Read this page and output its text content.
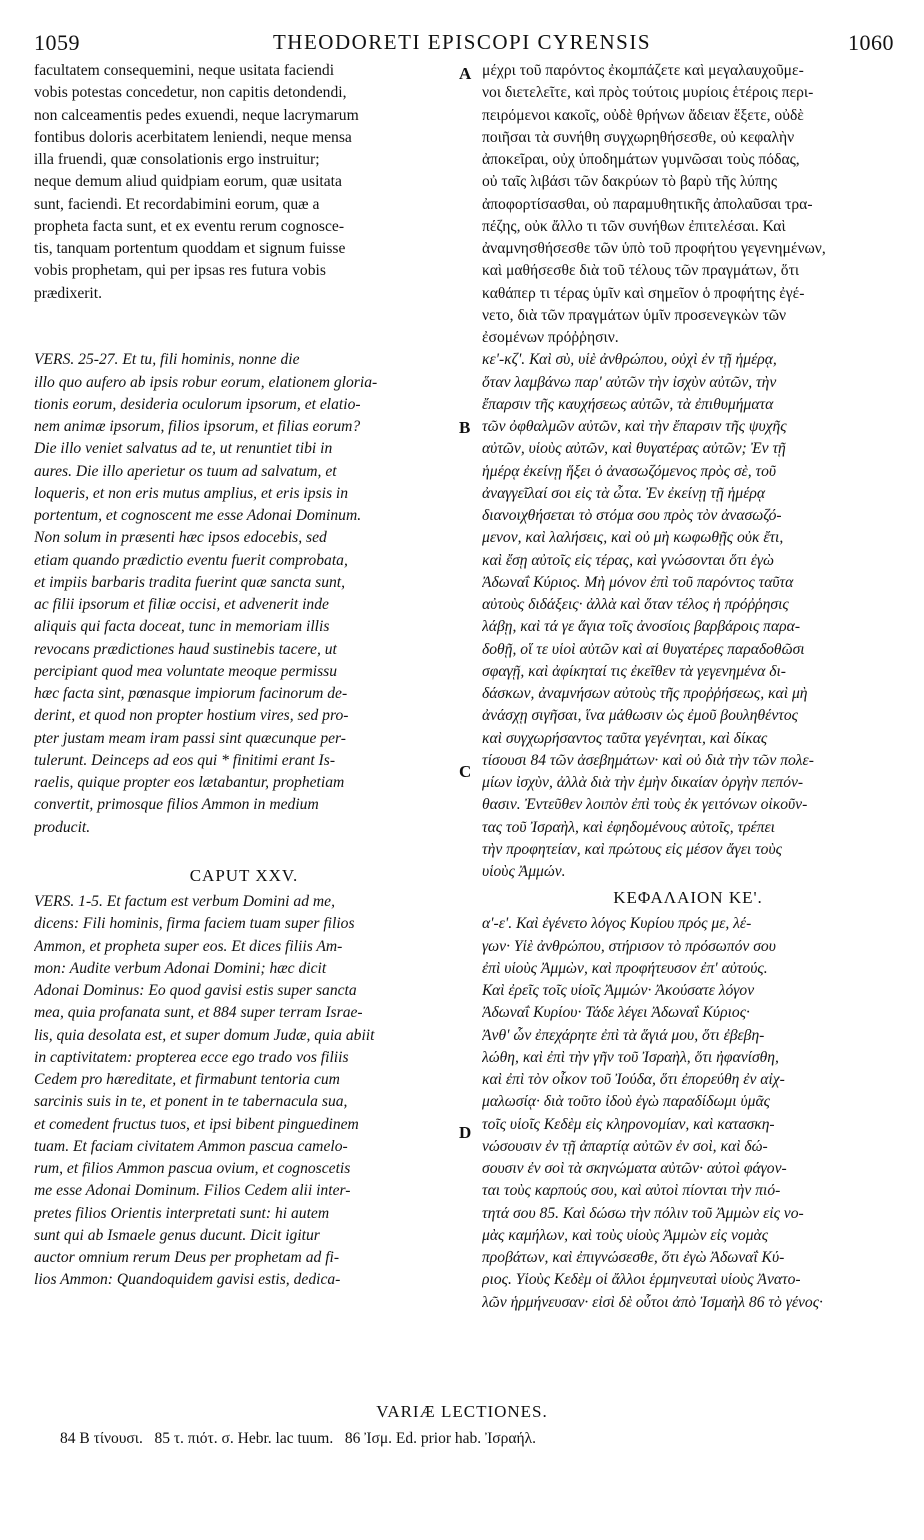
1059	THEODORETI EPISCOPI CYRENSIS	1060
A
B
C
D
facultatem consequemini, neque usitata faciendi
vobis potestas concedetur, non capitis detondendi,
non calceamentis pedes exuendi, neque lacrymarum
fontibus doloris acerbitatem leniendi, neque mensa
illa fruendi, quæ consolationis ergo instruitur;
neque demum aliud quidpiam eorum, quæ usitata
sunt, faciendi. Et recordabimini eorum, quæ a
propheta facta sunt, et ex eventu rerum cognosce-
tis, tanquam portentum quoddam et signum fuisse
vobis prophetam, qui per ipsas res futura vobis
prædixerit.
VERS. 25-27. Et tu, fili hominis, nonne die
illo quo aufero ab ipsis robur eorum, elationem gloria-
tionis eorum, desideria oculorum ipsorum, et elatio-
nem animæ ipsorum, filios ipsorum, et filias eorum?
Die illo veniet salvatus ad te, ut renuntiet tibi in
aures. Die illo aperietur os tuum ad salvatum, et
loqueris, et non eris mutus amplius, et eris ipsis in
portentum, et cognoscent me esse Adonai Dominum.
Non solum in præsenti hæc ipsos edocebis, sed
etiam quando prædictio eventu fuerit comprobata,
et impiis barbaris tradita fuerint quæ sancta sunt,
ac filii ipsorum et filiæ occisi, et advenerit inde
aliquis qui facta doceat, tunc in memoriam illis
revocans prædictiones haud sustinebis tacere, ut
percipiant quod mea voluntate meoque permissu
hæc facta sint, pœnasque impiorum facinorum de-
derint, et quod non propter hostium vires, sed pro-
pter justam meam iram passi sint quæcunque per-
tulerunt. Deinceps ad eos qui * finitimi erant Is-
raelis, quique propter eos lætabantur, prophetiam
convertit, primosque filios Ammon in medium
producit.
CAPUT XXV.
VERS. 1-5. Et factum est verbum Domini ad me,
dicens: Fili hominis, firma faciem tuam super filios
Ammon, et propheta super eos. Et dices filiis Am-
mon: Audite verbum Adonai Domini; hæc dicit
Adonai Dominus: Eo quod gavisi estis super sancta
mea, quia profanata sunt, et 884 super terram Israe-
lis, quia desolata est, et super domum Judæ, quia abiit
in captivitatem: propterea ecce ego trado vos filiis
Cedem pro hæreditate, et firmabunt tentoria cum
sarcinis suis in te, et ponent in te tabernacula sua,
et comedent fructus tuos, et ipsi bibent pinguedinem
tuam. Et faciam civitatem Ammon pascua camelo-
rum, et filios Ammon pascua ovium, et cognoscetis
me esse Adonai Dominum. Filios Cedem alii inter-
pretes filios Orientis interpretati sunt: hi autem
sunt qui ab Ismaele genus ducunt. Dicit igitur
auctor omnium rerum Deus per prophetam ad fi-
lios Ammon: Quandoquidem gavisi estis, dedica-
μέχρι τοῦ παρόντος ἐκομπάζετε καὶ μεγαλαυχοῦμε-
νοι διετελεῖτε, καὶ πρὸς τούτοις μυρίοις ἑτέροις περι-
πειρόμενοι κακοῖς, οὐδὲ θρήνων ἄδειαν ἕξετε, οὐδὲ
ποιῆσαι τὰ συνήθη συγχωρηθήσεσθε, οὐ κεφαλὴν
ἀποκεῖραι, οὐχ ὑποδημάτων γυμνῶσαι τοὺς πόδας,
οὐ ταῖς λιβάσι τῶν δακρύων τὸ βαρὺ τῆς λύπης
ἀποφορτίσασθαι, οὐ παραμυθητικῆς ἀπολαῦσαι τρα-
πέζης, οὐκ ἄλλο τι τῶν συνήθων ἐπιτελέσαι. Καὶ
ἀναμνησθήσεσθε τῶν ὑπὸ τοῦ προφήτου γεγενημένων,
καὶ μαθήσεσθε διὰ τοῦ τέλους τῶν πραγμάτων, ὅτι
καθάπερ τι τέρας ὑμῖν καὶ σημεῖον ὁ προφήτης ἐγέ-
νετο, διὰ τῶν πραγμάτων ὑμῖν προσενεγκὼν τῶν
ἐσομένων πρόῤῥησιν.
κε'-κζ'. Καὶ σὺ, υἱὲ ἀνθρώπου, οὐχὶ ἐν τῇ ἡμέρᾳ,
ὅταν λαμβάνω παρ' αὐτῶν τὴν ἰσχὺν αὐτῶν, τὴν
ἔπαρσιν τῆς καυχήσεως αὐτῶν, τὰ ἐπιθυμήματα
τῶν ὀφθαλμῶν αὐτῶν, καὶ τὴν ἔπαρσιν τῆς ψυχῆς
αὐτῶν, υἱοὺς αὐτῶν, καὶ θυγατέρας αὐτῶν; Ἐν τῇ
ἡμέρᾳ ἐκείνῃ ἥξει ὁ ἀνασωζόμενος πρὸς σὲ, τοῦ
ἀναγγεῖλαί σοι εἰς τὰ ὦτα. Ἐν ἐκείνῃ τῇ ἡμέρᾳ
διανοιχθήσεται τὸ στόμα σου πρὸς τὸν ἀνασωζό-
μενον, καὶ λαλήσεις, καὶ οὐ μὴ κωφωθῇς οὐκ ἔτι,
καὶ ἔσῃ αὐτοῖς εἰς τέρας, καὶ γνώσονται ὅτι ἐγὼ
Ἀδωναΐ Κύριος. Μὴ μόνον ἐπὶ τοῦ παρόντος ταῦτα
αὐτοὺς διδάξεις· ἀλλὰ καὶ ὅταν τέλος ἡ πρόῤῥησις
λάβῃ, καὶ τά γε ἅγια τοῖς ἀνοσίοις βαρβάροις παρα-
δοθῇ, οἵ τε υἱοὶ αὐτῶν καὶ αἱ θυγατέρες παραδοθῶσι
σφαγῇ, καὶ ἀφίκηταί τις ἐκεῖθεν τὰ γεγενημένα δι-
δάσκων, ἀναμνήσων αὐτοὺς τῆς προῤῥήσεως, καὶ μὴ
ἀνάσχῃ σιγῆσαι, ἵνα μάθωσιν ὡς ἐμοῦ βουληθέντος
καὶ συγχωρήσαντος ταῦτα γεγένηται, καὶ δίκας
τίσουσι 84 τῶν ἀσεβημάτων· καὶ οὐ διὰ τὴν τῶν πολε-
μίων ἰσχὺν, ἀλλὰ διὰ τὴν ἐμὴν δικαίαν ὀργὴν πεπόν-
θασιν. Ἐντεῦθεν λοιπὸν ἐπὶ τοὺς ἐκ γειτόνων οἰκοῦν-
τας τοῦ Ἰσραὴλ, καὶ ἐφηδομένους αὐτοῖς, τρέπει
τὴν προφητείαν, καὶ πρώτους εἰς μέσον ἄγει τοὺς
υἱοὺς Ἀμμών.
ΚΕΦΑΛΑΙΟΝ ΚΕ'.
α'-ε'. Καὶ ἐγένετο λόγος Κυρίου πρός με, λέ-
γων· Υἱὲ ἀνθρώπου, στήρισον τὸ πρόσωπόν σου
ἐπὶ υἱοὺς Ἀμμὼν, καὶ προφήτευσον ἐπ' αὐτούς.
Καὶ ἐρεῖς τοῖς υἱοῖς Ἀμμών· Ἀκούσατε λόγον
Ἀδωναΐ Κυρίου· Τάδε λέγει Ἀδωναΐ Κύριος·
Ἀνθ' ὧν ἐπεχάρητε ἐπὶ τὰ ἅγιά μου, ὅτι ἐβεβη-
λώθη, καὶ ἐπὶ τὴν γῆν τοῦ Ἰσραὴλ, ὅτι ἠφανίσθη,
καὶ ἐπὶ τὸν οἶκον τοῦ Ἰούδα, ὅτι ἐπορεύθη ἐν αἰχ-
μαλωσίᾳ· διὰ τοῦτο ἰδοὺ ἐγὼ παραδίδωμι ὑμᾶς
τοῖς υἱοῖς Κεδὲμ εἰς κληρονομίαν, καὶ κατασκη-
νώσουσιν ἐν τῇ ἀπαρτίᾳ αὐτῶν ἐν σοὶ, καὶ δώ-
σουσιν ἐν σοὶ τὰ σκηνώματα αὐτῶν· αὐτοὶ φάγον-
ται τοὺς καρπούς σου, καὶ αὐτοὶ πίονται τὴν πιό-
τητά σου 85. Καὶ δώσω τὴν πόλιν τοῦ Ἀμμὼν εἰς νο-
μὰς καμήλων, καὶ τοὺς υἱοὺς Ἀμμὼν εἰς νομὰς
προβάτων, καὶ ἐπιγνώσεσθε, ὅτι ἐγὼ Ἀδωναΐ Κύ-
ριος. Υἱοὺς Κεδὲμ οἱ ἄλλοι ἑρμηνευταὶ υἱοὺς Ἀνατο-
λῶν ἡρμήνευσαν· εἰσὶ δὲ οὗτοι ἀπὸ Ἰσμαὴλ 86 τὸ γένος·
VARIÆ LECTIONES.
84 B τίνουσι.   85 τ. πιότ. σ. Hebr. lac tuum.   86 Ἰσμ. Ed. prior hab. Ἰσραήλ.
